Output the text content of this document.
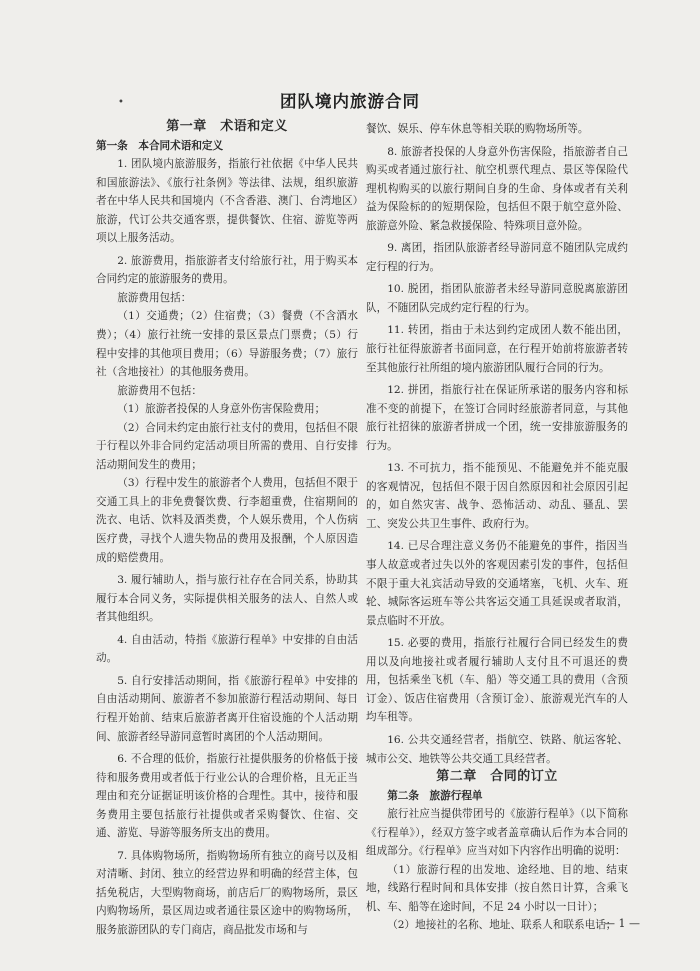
•	团队境内旅游合同

第一章　术语和定义

第一条　本合同术语和定义

1. 团队境内旅游服务，指旅行社依据《中华人民共和国旅游法》、《旅行社条例》等法律、法规，组织旅游者在中华人民共和国境内（不含香港、澳门、台湾地区）旅游，代订公共交通客票，提供餐饮、住宿、游览等两项以上服务活动。

2. 旅游费用，指旅游者支付给旅行社，用于购买本合同约定的旅游服务的费用。

旅游费用包括：

（1）交通费；（2）住宿费；（3）餐费（不含酒水费）；（4）旅行社统一安排的景区景点门票费；（5）行程中安排的其他项目费用；（6）导游服务费；（7）旅行社（含地接社）的其他服务费用。

旅游费用不包括：

（1）旅游者投保的人身意外伤害保险费用；

（2）合同未约定由旅行社支付的费用，包括但不限于行程以外非合同约定活动项目所需的费用、自行安排活动期间发生的费用；

（3）行程中发生的旅游者个人费用，包括但不限于交通工具上的非免费餐饮费、行李超重费，住宿期间的洗衣、电话、饮料及酒类费，个人娱乐费用，个人伤病医疗费，寻找个人遗失物品的费用及报酬，个人原因造成的赔偿费用。

3. 履行辅助人，指与旅行社存在合同关系，协助其履行本合同义务，实际提供相关服务的法人、自然人或者其他组织。

4. 自由活动，特指《旅游行程单》中安排的自由活动。

5. 自行安排活动期间，指《旅游行程单》中安排的自由活动期间、旅游者不参加旅游行程活动期间、每日行程开始前、结束后旅游者离开住宿设施的个人活动期间、旅游者经导游同意暂时离团的个人活动期间。

6. 不合理的低价，指旅行社提供服务的价格低于接待和服务费用或者低于行业公认的合理价格，且无正当理由和充分证据证明该价格的合理性。其中，接待和服务费用主要包括旅行社提供或者采购餐饮、住宿、交通、游览、导游等服务所支出的费用。

7. 具体购物场所，指购物场所有独立的商号以及相对清晰、封闭、独立的经营边界和明确的经营主体，包括免税店，大型购物商场，前店后厂的购物场所，景区内购物场所，景区周边或者通往景区途中的购物场所，服务旅游团队的专门商店，商品批发市场和与

餐饮、娱乐、停车休息等相关联的购物场所等。

8. 旅游者投保的人身意外伤害保险，指旅游者自己购买或者通过旅行社、航空机票代理点、景区等保险代理机构购买的以旅行期间自身的生命、身体或者有关利益为保险标的的短期保险，包括但不限于航空意外险、旅游意外险、紧急救援保险、特殊项目意外险。

9. 离团，指团队旅游者经导游同意不随团队完成约定行程的行为。

10. 脱团，指团队旅游者未经导游同意脱离旅游团队，不随团队完成约定行程的行为。

11. 转团，指由于未达到约定成团人数不能出团，旅行社征得旅游者书面同意，在行程开始前将旅游者转至其他旅行社所组的境内旅游团队履行合同的行为。

12. 拼团，指旅行社在保证所承诺的服务内容和标准不变的前提下，在签订合同时经旅游者同意，与其他旅行社招徕的旅游者拼成一个团，统一安排旅游服务的行为。

13. 不可抗力，指不能预见、不能避免并不能克服的客观情况，包括但不限于因自然原因和社会原因引起的，如自然灾害、战争、恐怖活动、动乱、骚乱、罢工、突发公共卫生事件、政府行为。

14. 已尽合理注意义务仍不能避免的事件，指因当事人故意或者过失以外的客观因素引发的事件，包括但不限于重大礼宾活动导致的交通堵塞，飞机、火车、班轮、城际客运班车等公共客运交通工具延误或者取消，景点临时不开放。

15. 必要的费用，指旅行社履行合同已经发生的费用以及向地接社或者履行辅助人支付且不可退还的费用，包括乘坐飞机（车、船）等交通工具的费用（含预订金）、饭店住宿费用（含预订金）、旅游观光汽车的人均车租等。

16. 公共交通经营者，指航空、铁路、航运客轮、城市公交、地铁等公共交通工具经营者。

第二章　合同的订立

第二条　旅游行程单

旅行社应当提供带团号的《旅游行程单》（以下简称《行程单》），经双方签字或者盖章确认后作为本合同的组成部分。《行程单》应当对如下内容作出明确的说明：

（1）旅游行程的出发地、途经地、目的地、结束地，线路行程时间和具体安排（按自然日计算，含乘飞机、车、船等在途时间，不足 24 小时以一日计）；

（2）地接社的名称、地址、联系人和联系电话；

— 1 —
